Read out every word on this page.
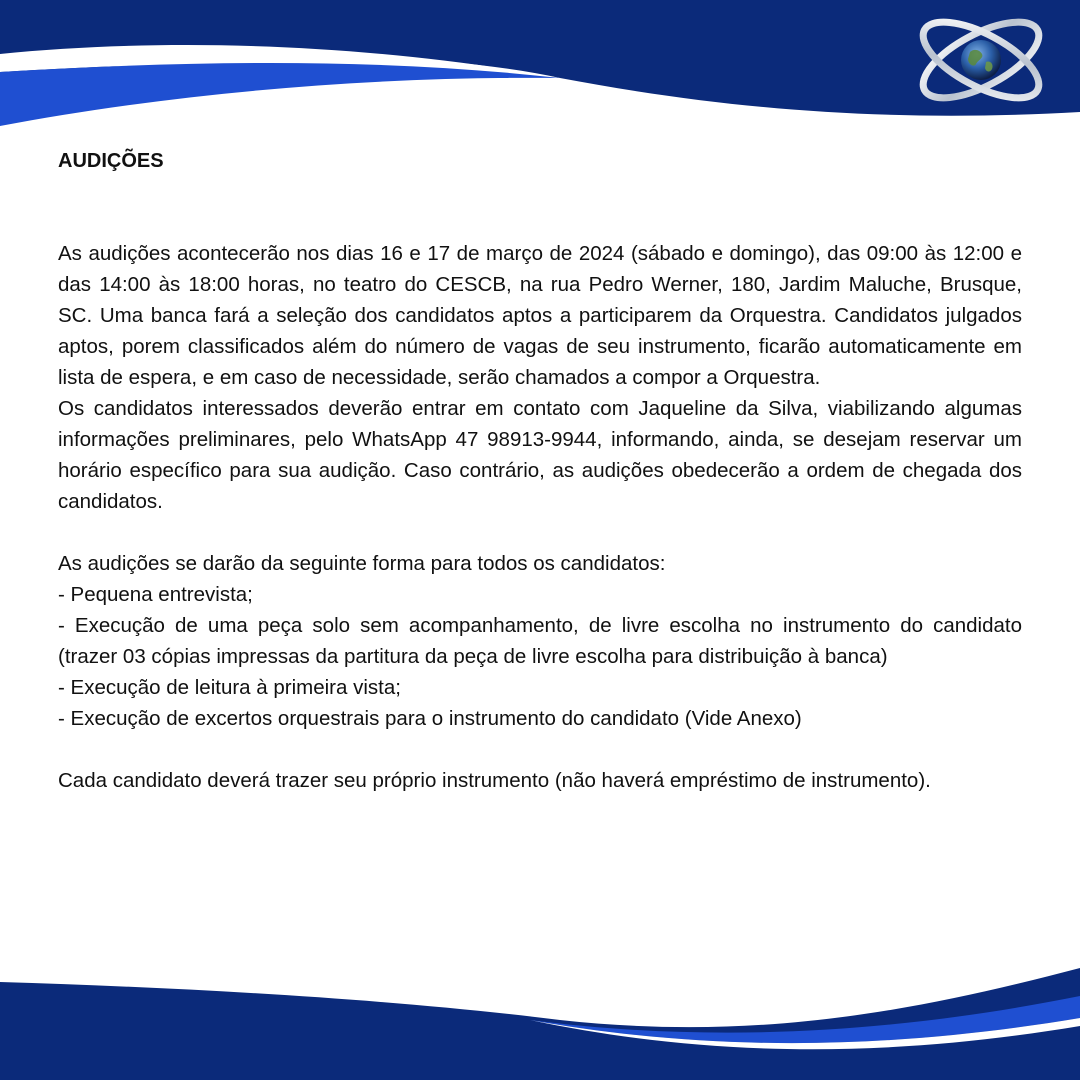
AUDIÇÕES

As audições acontecerão nos dias 16 e 17 de março de 2024 (sábado e domingo), das 09:00 às 12:00 e das 14:00 às 18:00 horas, no teatro do CESCB, na rua Pedro Werner, 180, Jardim Maluche, Brusque, SC. Uma banca fará a seleção dos candidatos aptos a participarem da Orquestra. Candidatos julgados aptos, porem classificados além do número de vagas de seu instrumento, ficarão automaticamente em lista de espera, e em caso de necessidade, serão chamados a compor a Orquestra.

Os candidatos interessados deverão entrar em contato com Jaqueline da Silva, viabilizando algumas informações preliminares, pelo WhatsApp 47 98913-9944, informando, ainda, se desejam reservar um horário específico para sua audição. Caso contrário, as audições obedecerão a ordem de chegada dos candidatos.

As audições se darão da seguinte forma para todos os candidatos:

- Pequena entrevista;

- Execução de uma peça solo sem acompanhamento, de livre escolha no instrumento do candidato (trazer 03 cópias impressas da partitura da peça de livre escolha para distribuição à banca)

- Execução de leitura à primeira vista;

- Execução de excertos orquestrais para o instrumento do candidato (Vide Anexo)

Cada candidato deverá trazer seu próprio instrumento (não haverá empréstimo de instrumento).
